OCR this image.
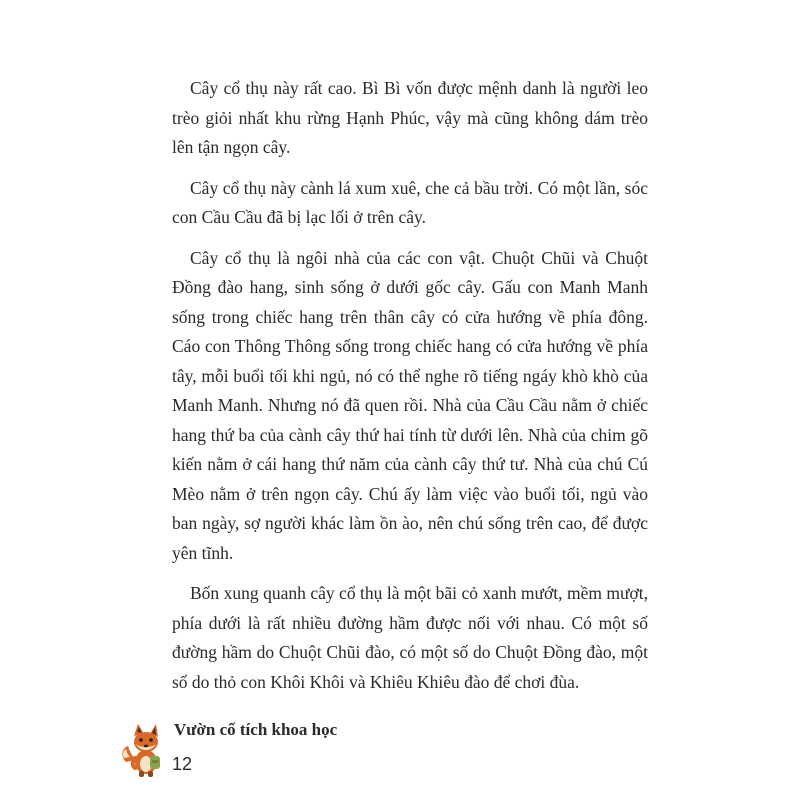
Cây cổ thụ này rất cao. Bì Bì vốn được mệnh danh là người leo trèo giỏi nhất khu rừng Hạnh Phúc, vậy mà cũng không dám trèo lên tận ngọn cây.

Cây cổ thụ này cành lá xum xuê, che cả bầu trời. Có một lần, sóc con Cầu Cầu đã bị lạc lối ở trên cây.

Cây cổ thụ là ngôi nhà của các con vật. Chuột Chũi và Chuột Đồng đào hang, sinh sống ở dưới gốc cây. Gấu con Manh Manh sống trong chiếc hang trên thân cây có cửa hướng về phía đông. Cáo con Thông Thông sống trong chiếc hang có cửa hướng về phía tây, mỗi buổi tối khi ngủ, nó có thể nghe rõ tiếng ngáy khò khò của Manh Manh. Nhưng nó đã quen rồi. Nhà của Cầu Cầu nằm ở chiếc hang thứ ba của cành cây thứ hai tính từ dưới lên. Nhà của chim gõ kiến nằm ở cái hang thứ năm của cành cây thứ tư. Nhà của chú Cú Mèo nằm ở trên ngọn cây. Chú ấy làm việc vào buổi tối, ngủ vào ban ngày, sợ người khác làm ồn ào, nên chú sống trên cao, để được yên tĩnh.

Bốn xung quanh cây cổ thụ là một bãi cỏ xanh mướt, mềm mượt, phía dưới là rất nhiều đường hầm được nối với nhau. Có một số đường hầm do Chuột Chũi đào, có một số do Chuột Đồng đào, một số do thỏ con Khôi Khôi và Khiêu Khiêu đào để chơi đùa.

Vườn cổ tích khoa học
12
